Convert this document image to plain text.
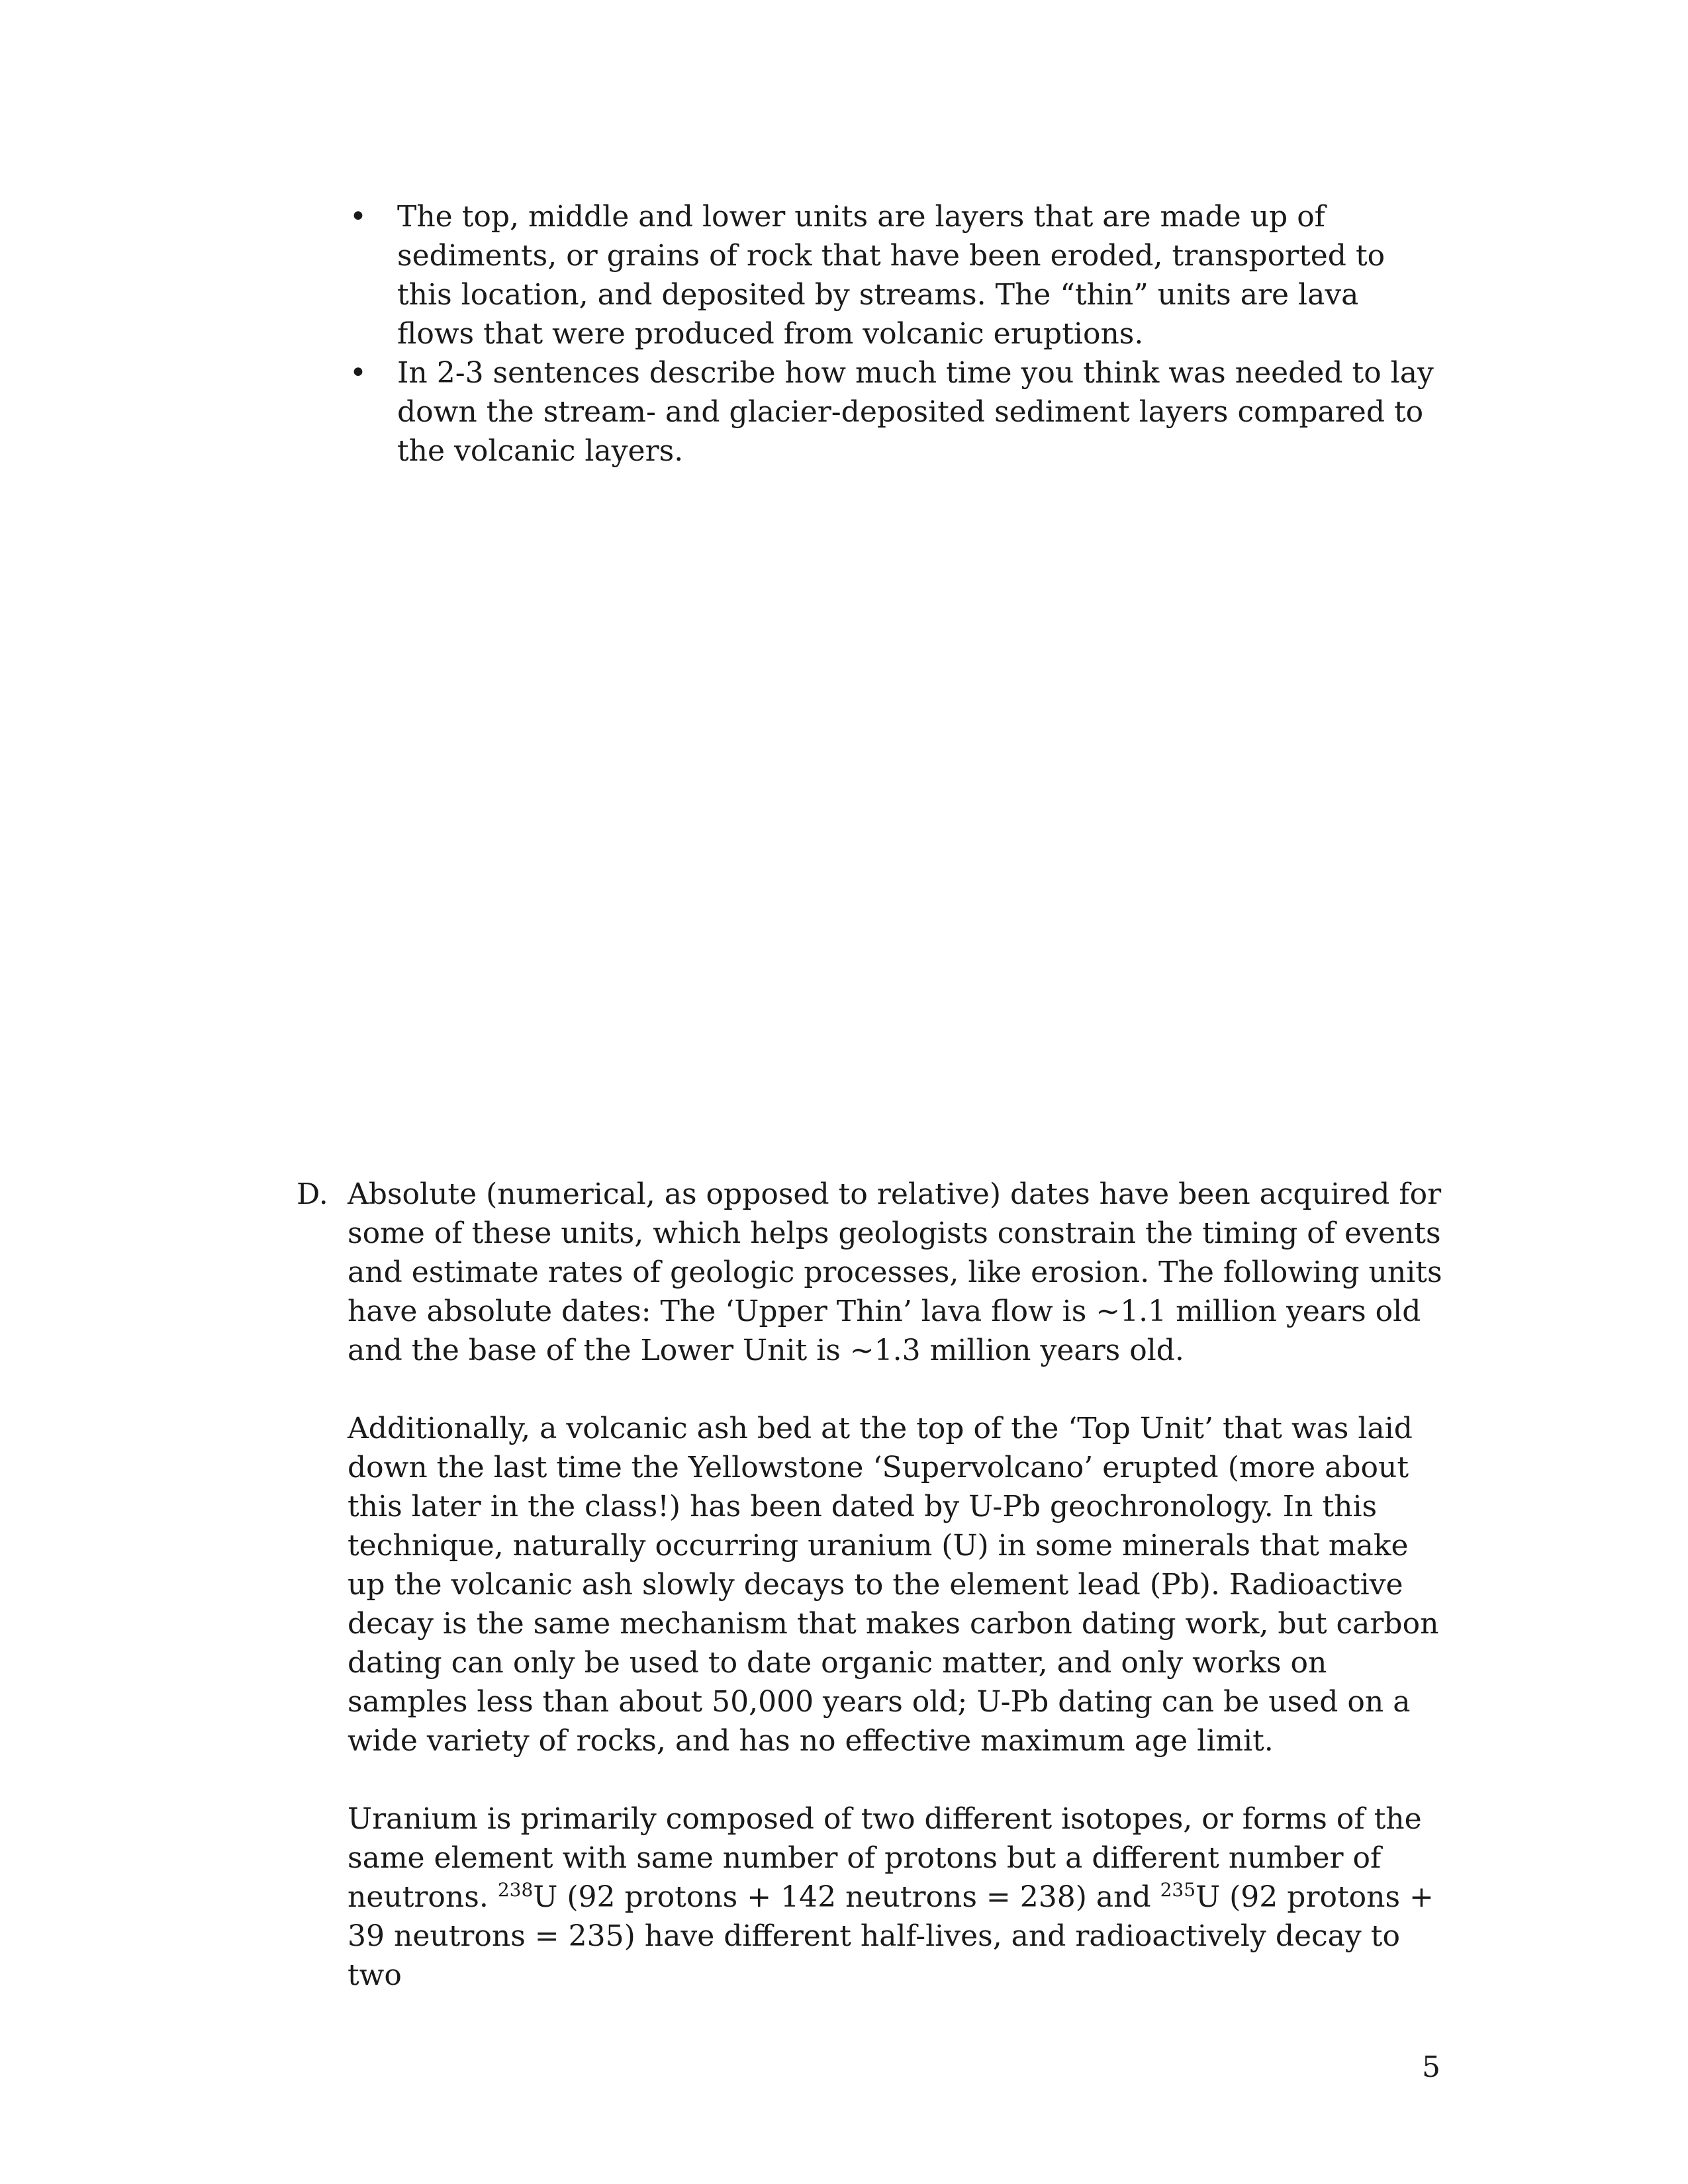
• The top, middle and lower units are layers that are made up of sediments, or grains of rock that have been eroded, transported to this location, and deposited by streams. The “thin” units are lava flows that were produced from volcanic eruptions.
• In 2-3 sentences describe how much time you think was needed to lay down the stream- and glacier-deposited sediment layers compared to the volcanic layers.
D. Absolute (numerical, as opposed to relative) dates have been acquired for some of these units, which helps geologists constrain the timing of events and estimate rates of geologic processes, like erosion. The following units have absolute dates: The ‘Upper Thin’ lava flow is ~1.1 million years old and the base of the Lower Unit is ~1.3 million years old.

Additionally, a volcanic ash bed at the top of the ‘Top Unit’ that was laid down the last time the Yellowstone ‘Supervolcano’ erupted (more about this later in the class!) has been dated by U-Pb geochronology. In this technique, naturally occurring uranium (U) in some minerals that make up the volcanic ash slowly decays to the element lead (Pb). Radioactive decay is the same mechanism that makes carbon dating work, but carbon dating can only be used to date organic matter, and only works on samples less than about 50,000 years old; U-Pb dating can be used on a wide variety of rocks, and has no effective maximum age limit.

Uranium is primarily composed of two different isotopes, or forms of the same element with same number of protons but a different number of neutrons. $^{238}$U (92 protons + 142 neutrons = 238) and $^{235}$U (92 protons + 39 neutrons = 235) have different half-lives, and radioactively decay to two

5
